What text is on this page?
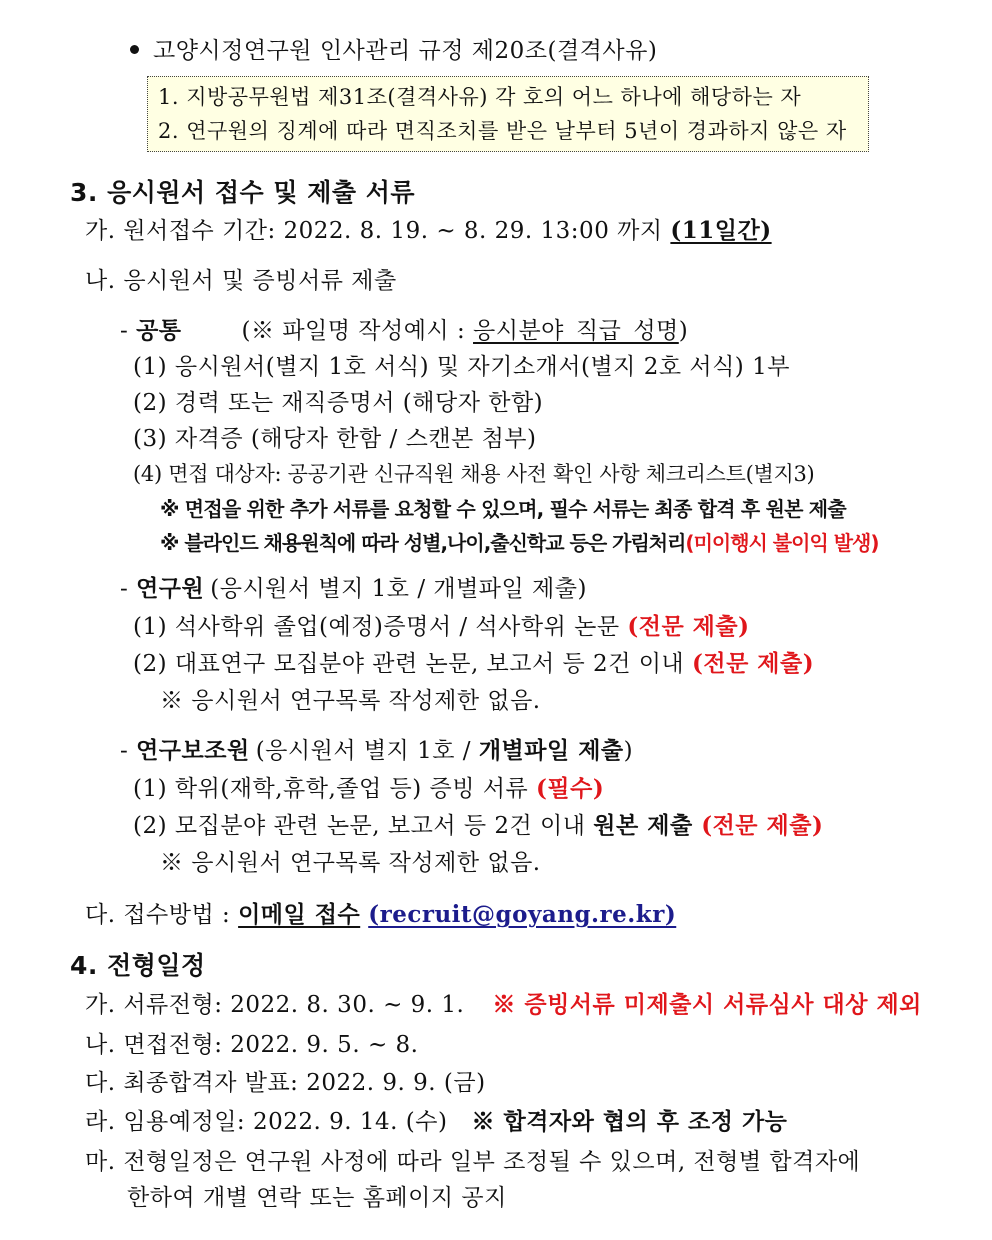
고양시정연구원 인사관리 규정 제20조(결격사유)
1. 지방공무원법 제31조(결격사유) 각 호의 어느 하나에 해당하는 자
2. 연구원의 징계에 따라 면직조치를 받은 날부터 5년이 경과하지 않은 자
3. 응시원서 접수 및 제출 서류
가. 원서접수 기간: 2022. 8. 19. ~ 8. 29. 13:00 까지 (11일간)
나. 응시원서 및 증빙서류 제출
- 공통	(※ 파일명 작성예시 : 응시분야_직급_성명)
(1) 응시원서(별지 1호 서식) 및 자기소개서(별지 2호 서식) 1부
(2) 경력 또는 재직증명서 (해당자 한함)
(3) 자격증 (해당자 한함 / 스캔본 첨부)
(4) 면접 대상자: 공공기관 신규직원 채용 사전 확인 사항 체크리스트(별지3)
※ 면접을 위한 추가 서류를 요청할 수 있으며, 필수 서류는 최종 합격 후 원본 제출
※ 블라인드 채용원칙에 따라 성별,나이,출신학교 등은 가림처리(미이행시 불이익 발생)
- 연구원 (응시원서 별지 1호 / 개별파일 제출)
(1) 석사학위 졸업(예정)증명서 / 석사학위 논문 (전문 제출)
(2) 대표연구 모집분야 관련 논문, 보고서 등 2건 이내 (전문 제출)
※ 응시원서 연구목록 작성제한 없음.
- 연구보조원 (응시원서 별지 1호 / 개별파일 제출)
(1) 학위(재학,휴학,졸업 등) 증빙 서류 (필수)
(2) 모집분야 관련 논문, 보고서 등 2건 이내 원본 제출 (전문 제출)
※ 응시원서 연구목록 작성제한 없음.
다. 접수방법 : 이메일 접수 (recruit@goyang.re.kr)
4. 전형일정
가. 서류전형: 2022. 8. 30. ~ 9. 1. ※ 증빙서류 미제출시 서류심사 대상 제외
나. 면접전형: 2022. 9. 5. ~ 8.
다. 최종합격자 발표: 2022. 9. 9. (금)
라. 임용예정일: 2022. 9. 14. (수) ※ 합격자와 협의 후 조정 가능
마. 전형일정은 연구원 사정에 따라 일부 조정될 수 있으며, 전형별 합격자에
한하여 개별 연락 또는 홈페이지 공지
